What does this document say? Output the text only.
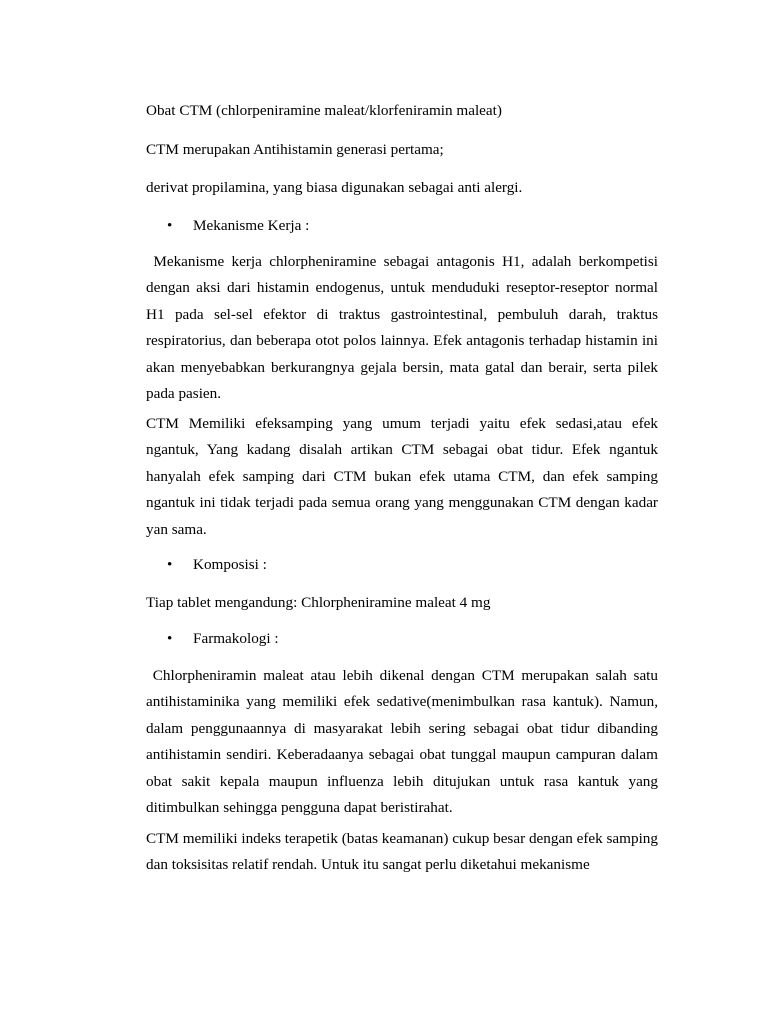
Obat CTM (chlorpeniramine maleat/klorfeniramin maleat)

CTM merupakan Antihistamin generasi pertama;

derivat propilamina, yang biasa digunakan sebagai anti alergi.

• Mekanisme Kerja :

Mekanisme kerja chlorpheniramine sebagai antagonis H1, adalah berkompetisi dengan aksi dari histamin endogenus, untuk menduduki reseptor-reseptor normal H1 pada sel-sel efektor di traktus gastrointestinal, pembuluh darah, traktus respiratorius, dan beberapa otot polos lainnya. Efek antagonis terhadap histamin ini akan menyebabkan berkurangnya gejala bersin, mata gatal dan berair, serta pilek pada pasien.

CTM Memiliki efeksamping yang umum terjadi yaitu efek sedasi,atau efek ngantuk, Yang kadang disalah artikan CTM sebagai obat tidur. Efek ngantuk hanyalah efek samping dari CTM bukan efek utama CTM, dan efek samping ngantuk ini tidak terjadi pada semua orang yang menggunakan CTM dengan kadar yan sama.

• Komposisi :

Tiap tablet mengandung: Chlorpheniramine maleat 4 mg

• Farmakologi :

Chlorpheniramin maleat atau lebih dikenal dengan CTM merupakan salah satu antihistaminika yang memiliki efek sedative(menimbulkan rasa kantuk). Namun, dalam penggunaannya di masyarakat lebih sering sebagai obat tidur dibanding antihistamin sendiri. Keberadaanya sebagai obat tunggal maupun campuran dalam obat sakit kepala maupun influenza lebih ditujukan untuk rasa kantuk yang ditimbulkan sehingga pengguna dapat beristirahat.

CTM memiliki indeks terapetik (batas keamanan) cukup besar dengan efek samping dan toksisitas relatif rendah. Untuk itu sangat perlu diketahui mekanisme
